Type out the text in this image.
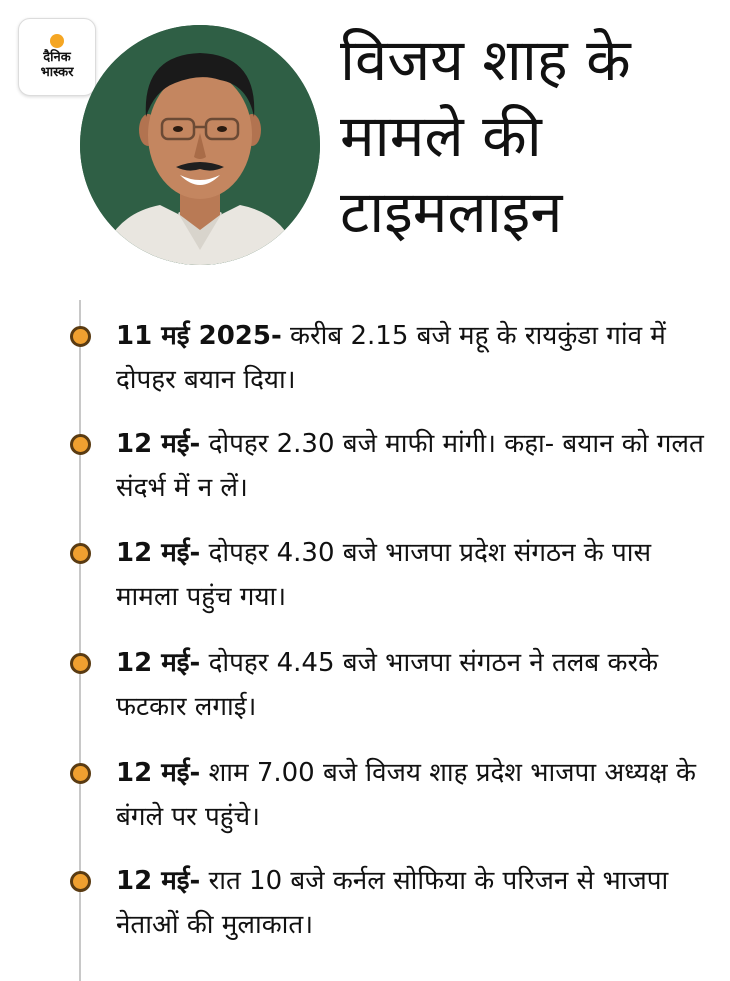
दैनिक
भास्कर	विजय शाह के मामले की टाइमलाइन

11 मई 2025- करीब 2.15 बजे महू के रायकुंडा गांव में दोपहर बयान दिया।

12 मई- दोपहर 2.30 बजे माफी मांगी। कहा- बयान को गलत संदर्भ में न लें।

12 मई- दोपहर 4.30 बजे भाजपा प्रदेश संगठन के पास मामला पहुंच गया।

12 मई- दोपहर 4.45 बजे भाजपा संगठन ने तलब करके फटकार लगाई।

12 मई- शाम 7.00 बजे विजय शाह प्रदेश भाजपा अध्यक्ष के बंगले पर पहुंचे।

12 मई- रात 10 बजे कर्नल सोफिया के परिजन से भाजपा नेताओं की मुलाकात।
